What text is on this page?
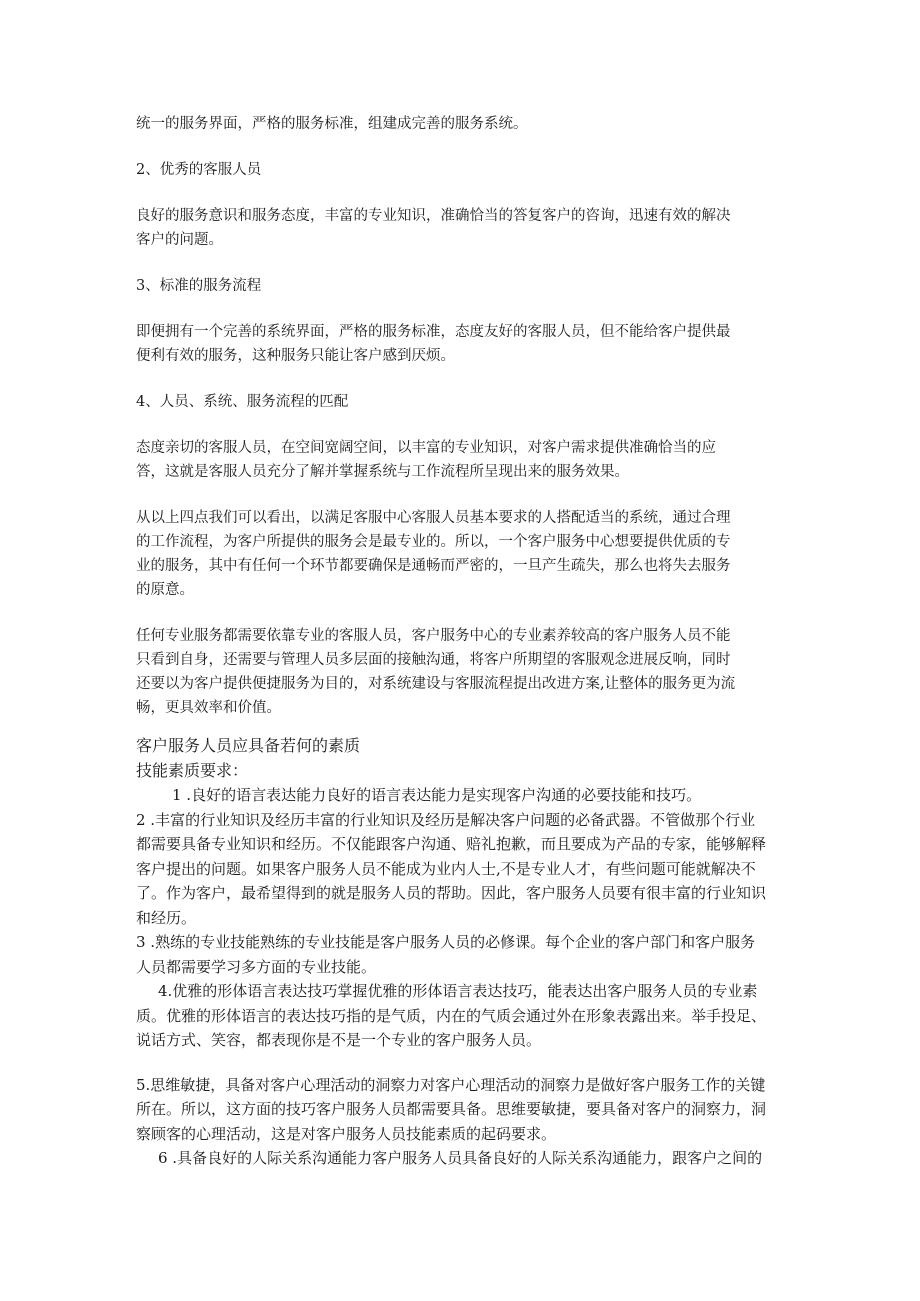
统一的服务界面，严格的服务标准，组建成完善的服务系统。

2、优秀的客服人员

良好的服务意识和服务态度，丰富的专业知识，准确恰当的答复客户的咨询，迅速有效的解决

客户的问题。

3、标准的服务流程

即便拥有一个完善的系统界面，严格的服务标准，态度友好的客服人员，但不能给客户提供最

便利有效的服务，这种服务只能让客户感到厌烦。

4、人员、系统、服务流程的匹配

态度亲切的客服人员，在空间宽阔空间，以丰富的专业知识，对客户需求提供准确恰当的应

答，这就是客服人员充分了解并掌握系统与工作流程所呈现出来的服务效果。

从以上四点我们可以看出，以满足客服中心客服人员基本要求的人搭配适当的系统，通过合理

的工作流程，为客户所提供的服务会是最专业的。所以，一个客户服务中心想要提供优质的专

业的服务，其中有任何一个环节都要确保是通畅而严密的，一旦产生疏失，那么也将失去服务

的原意。

任何专业服务都需要依靠专业的客服人员，客户服务中心的专业素养较高的客户服务人员不能

只看到自身，还需要与管理人员多层面的接触沟通，将客户所期望的客服观念进展反响，同时

还要以为客户提供便捷服务为目的，对系统建设与客服流程提出改进方案,让整体的服务更为流

畅，更具效率和价值。

客户服务人员应具备若何的素质

技能素质要求：

1 .良好的语言表达能力良好的语言表达能力是实现客户沟通的必要技能和技巧。

2 .丰富的行业知识及经历丰富的行业知识及经历是解决客户问题的必备武器。不管做那个行业

都需要具备专业知识和经历。不仅能跟客户沟通、赔礼抱歉，而且要成为产品的专家，能够解释

客户提出的问题。如果客户服务人员不能成为业内人士,不是专业人才，有些问题可能就解决不

了。作为客户，最希望得到的就是服务人员的帮助。因此，客户服务人员要有很丰富的行业知识

和经历。

3 .熟练的专业技能熟练的专业技能是客户服务人员的必修课。每个企业的客户部门和客户服务

人员都需要学习多方面的专业技能。

4.优雅的形体语言表达技巧掌握优雅的形体语言表达技巧，能表达出客户服务人员的专业素

质。优雅的形体语言的表达技巧指的是气质，内在的气质会通过外在形象表露出来。举手投足、

说话方式、笑容，都表现你是不是一个专业的客户服务人员。

5.思维敏捷，具备对客户心理活动的洞察力对客户心理活动的洞察力是做好客户服务工作的关键

所在。所以，这方面的技巧客户服务人员都需要具备。思维要敏捷，要具备对客户的洞察力，洞

察顾客的心理活动，这是对客户服务人员技能素质的起码要求。

6 .具备良好的人际关系沟通能力客户服务人员具备良好的人际关系沟通能力，跟客户之间的
